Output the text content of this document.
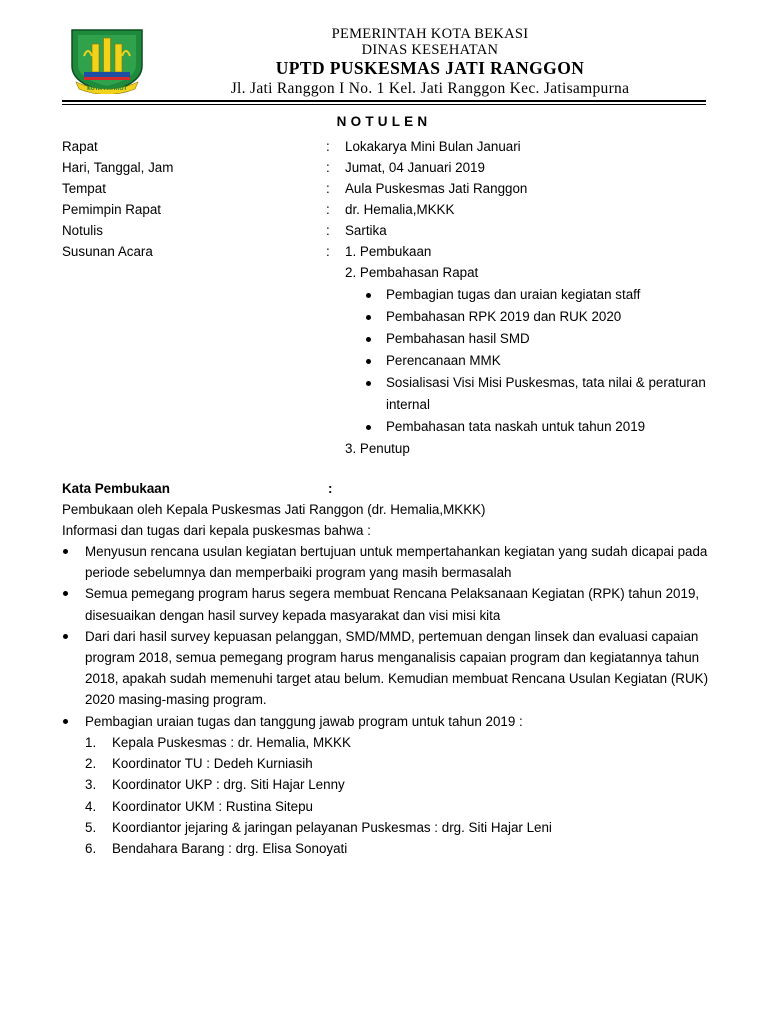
KOTA PATRIOT
PEMERINTAH KOTA BEKASI
DINAS KESEHATAN
UPTD PUSKESMAS JATI RANGGON
Jl. Jati Ranggon I No. 1 Kel. Jati Ranggon Kec. Jatisampurna
NOTULEN
Rapat	: Lokakarya Mini Bulan Januari
Hari, Tanggal, Jam	: Jumat, 04 Januari 2019
Tempat	: Aula Puskesmas Jati Ranggon
Pemimpin Rapat	: dr. Hemalia,MKKK
Notulis	: Sartika
Susunan Acara	: 1. Pembukaan
2. Pembahasan Rapat
Pembagian tugas dan uraian kegiatan staff
Pembahasan RPK 2019 dan RUK 2020
Pembahasan hasil SMD
Perencanaan MMK
Sosialisasi Visi Misi Puskesmas, tata nilai & peraturan internal
Pembahasan tata naskah untuk tahun 2019
3. Penutup
Kata Pembukaan	:
Pembukaan oleh Kepala Puskesmas Jati Ranggon (dr. Hemalia,MKKK)
Informasi dan tugas dari kepala puskesmas bahwa :
Menyusun rencana usulan kegiatan bertujuan untuk mempertahankan kegiatan yang sudah dicapai pada periode sebelumnya dan memperbaiki program yang masih bermasalah
Semua pemegang program harus segera membuat Rencana Pelaksanaan Kegiatan (RPK) tahun 2019, disesuaikan dengan hasil survey kepada masyarakat dan visi misi kita
Dari dari hasil survey kepuasan pelanggan, SMD/MMD, pertemuan dengan linsek dan evaluasi capaian program 2018, semua pemegang program harus menganalisis capaian program dan kegiatannya tahun 2018, apakah sudah memenuhi target atau belum. Kemudian membuat Rencana Usulan Kegiatan (RUK) 2020 masing-masing program.
Pembagian uraian tugas dan tanggung jawab program untuk tahun 2019 :
1. Kepala Puskesmas : dr. Hemalia, MKKK
2. Koordinator TU : Dedeh Kurniasih
3. Koordinator UKP : drg. Siti Hajar Lenny
4. Koordinator UKM : Rustina Sitepu
5. Koordiantor jejaring & jaringan pelayanan Puskesmas : drg. Siti Hajar Leni
6. Bendahara Barang : drg. Elisa Sonoyati
